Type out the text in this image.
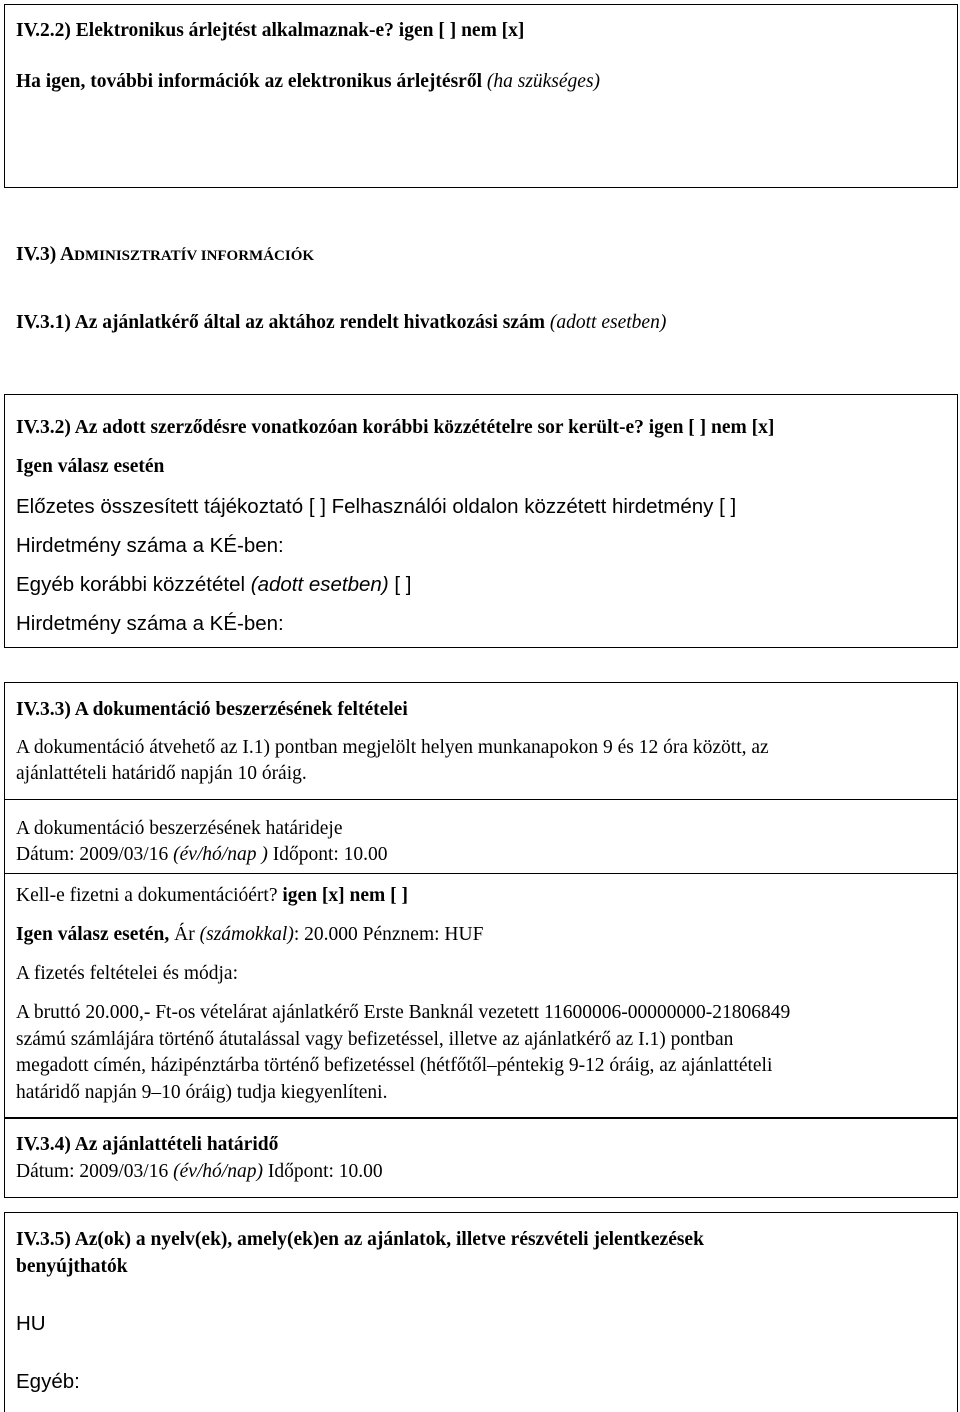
IV.2.2) Elektronikus árlejtést alkalmaznak-e? igen [ ] nem [x]
Ha igen, további információk az elektronikus árlejtésről (ha szükséges)
IV.3) ADMINISZTRATÍV INFORMÁCIÓK
IV.3.1) Az ajánlatkérő által az aktához rendelt hivatkozási szám (adott esetben)
IV.3.2) Az adott szerződésre vonatkozóan korábbi közzétételre sor került-e? igen [ ] nem [x]
Igen válasz esetén
Előzetes összesített tájékoztató [ ] Felhasználói oldalon közzétett hirdetmény [ ]
Hirdetmény száma a KÉ-ben:
Egyéb korábbi közzététel (adott esetben) [ ]
Hirdetmény száma a KÉ-ben:
IV.3.3) A dokumentáció beszerzésének feltételei
A dokumentáció átvehető az I.1) pontban megjelölt helyen munkanapokon 9 és 12 óra között, az
ajánlattételi határidő napján 10 óráig.
A dokumentáció beszerzésének határideje
Dátum: 2009/03/16 (év/hó/nap ) Időpont: 10.00
Kell-e fizetni a dokumentációért? igen [x] nem [ ]
Igen válasz esetén, Ár (számokkal): 20.000 Pénznem: HUF
A fizetés feltételei és módja:
A bruttó 20.000,- Ft-os vételárat ajánlatkérő Erste Banknál vezetett 11600006-00000000-21806849
számú számlájára történő átutalással vagy befizetéssel, illetve az ajánlatkérő az I.1) pontban
megadott címén, házipénztárba történő befizetéssel (hétfőtől–péntekig 9-12 óráig, az ajánlattételi
határidő napján 9–10 óráig) tudja kiegyenlíteni.
IV.3.4) Az ajánlattételi határidő
Dátum: 2009/03/16 (év/hó/nap) Időpont: 10.00
IV.3.5) Az(ok) a nyelv(ek), amely(ek)en az ajánlatok, illetve részvételi jelentkezések
benyújthatók
HU
Egyéb:
